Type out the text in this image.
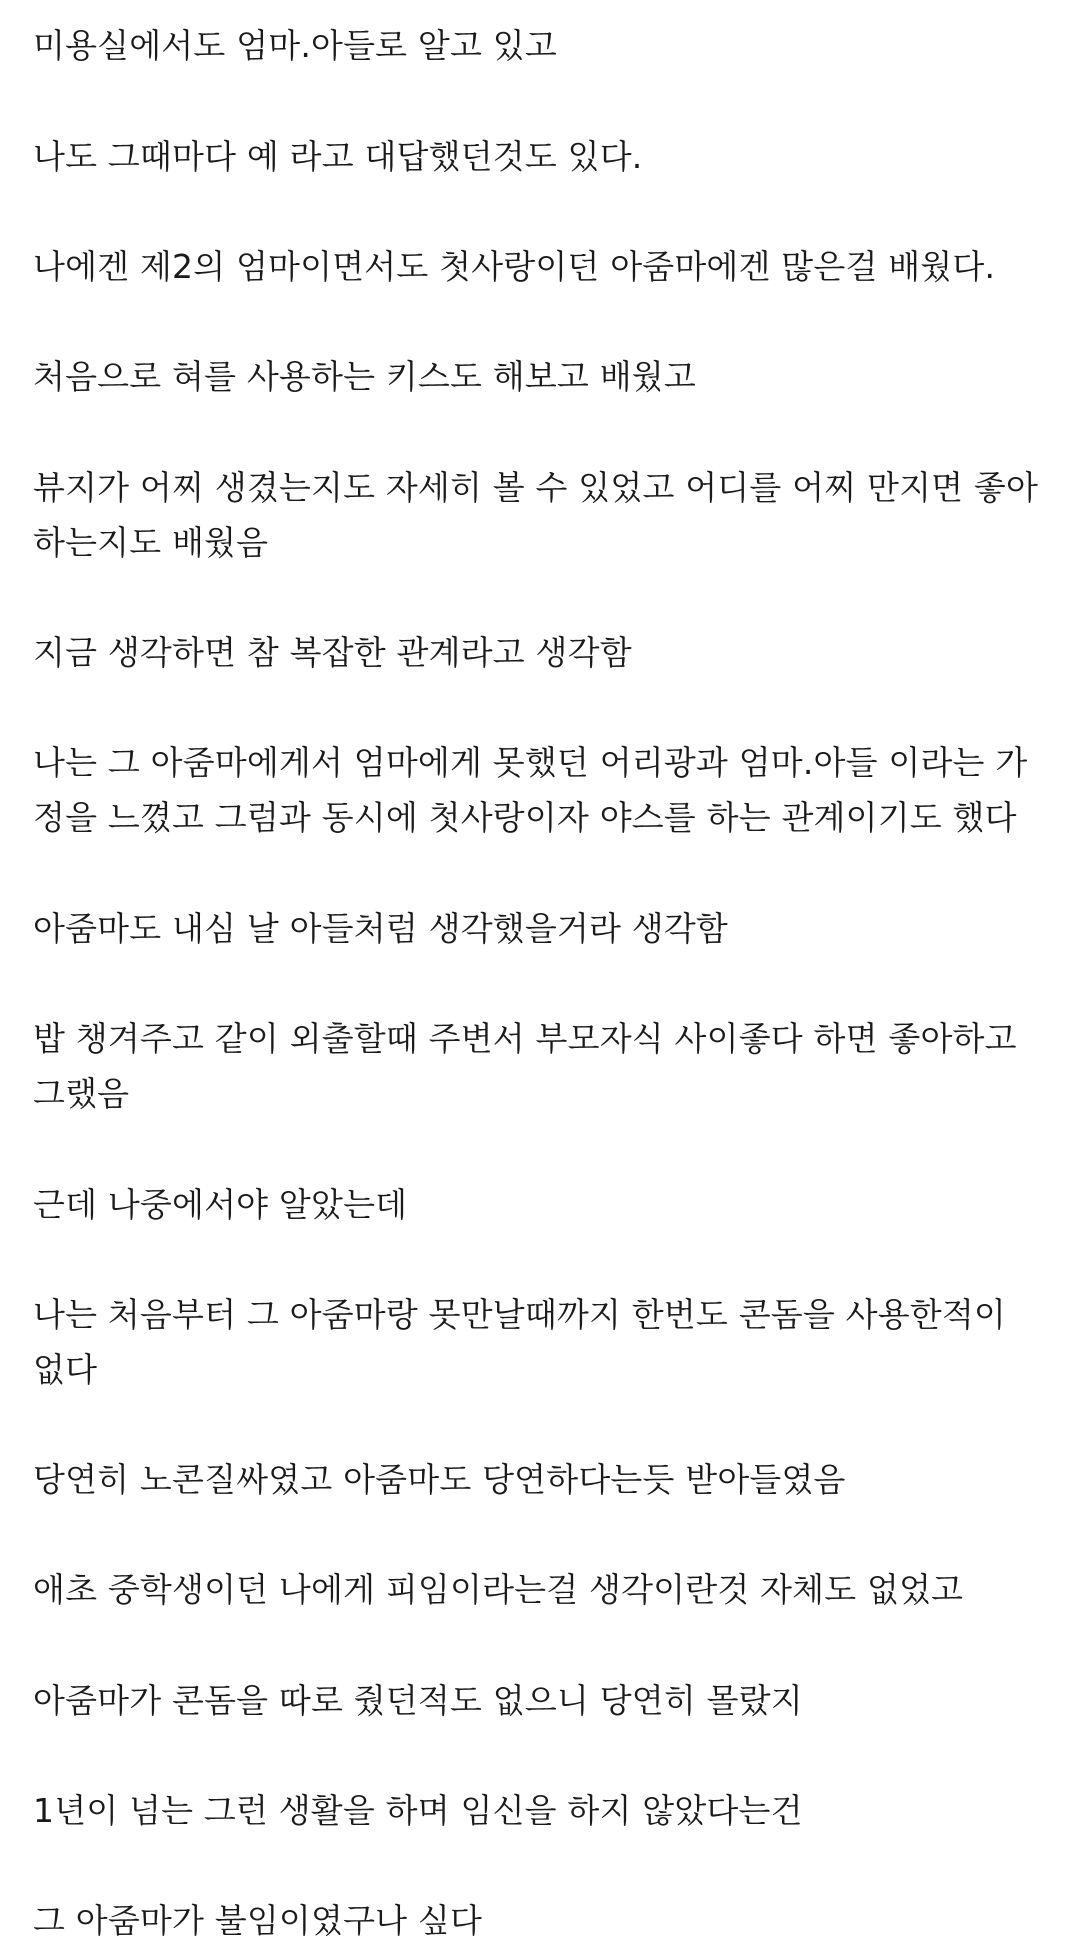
미용실에서도 엄마.아들로 알고 있고

나도 그때마다 예 라고 대답했던것도 있다.

나에겐 제2의 엄마이면서도 첫사랑이던 아줌마에겐 많은걸 배웠다.

처음으로 혀를 사용하는 키스도 해보고 배웠고

뷰지가 어찌 생겼는지도 자세히 볼 수 있었고 어디를 어찌 만지면 좋아
하는지도 배웠음

지금 생각하면 참 복잡한 관계라고 생각함

나는 그 아줌마에게서 엄마에게 못했던 어리광과 엄마.아들 이라는 가
정을 느꼈고 그럼과 동시에 첫사랑이자 야스를 하는 관계이기도 했다

아줌마도 내심 날 아들처럼 생각했을거라 생각함

밥 챙겨주고 같이 외출할때 주변서 부모자식 사이좋다 하면 좋아하고
그랬음

근데 나중에서야 알았는데

나는 처음부터 그 아줌마랑 못만날때까지 한번도 콘돔을 사용한적이
없다

당연히 노콘질싸였고 아줌마도 당연하다는듯 받아들였음

애초 중학생이던 나에게 피임이라는걸 생각이란것 자체도 없었고

아줌마가 콘돔을 따로 줬던적도 없으니 당연히 몰랐지

1년이 넘는 그런 생활을 하며 임신을 하지 않았다는건

그 아줌마가 불임이였구나 싶다
